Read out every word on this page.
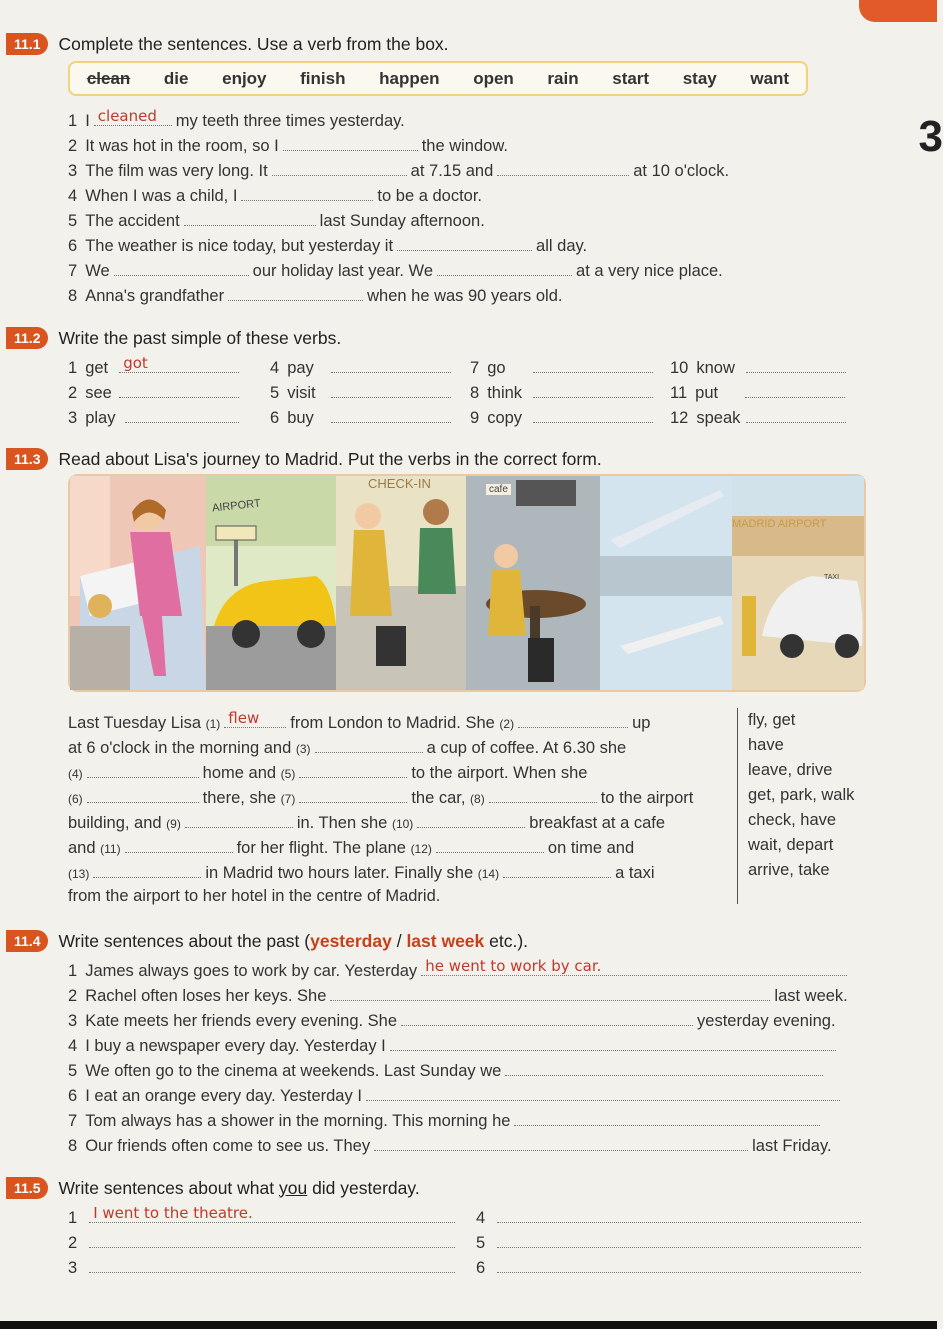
3
11.1	Complete the sentences. Use a verb from the box.
clean die enjoy finish happen open rain start stay want
1 I cleaned my teeth three times yesterday.
2 It was hot in the room, so I	the window.
3 The film was very long. It	at 7.15 and	at 10 o'clock.
4 When I was a child, I	to be a doctor.
5 The accident	last Sunday afternoon.
6 The weather is nice today, but yesterday it	all day.
7 We	our holiday last year. We	at a very nice place.
8 Anna's grandfather	when he was 90 years old.
11.2	Write the past simple of these verbs.
1 get	got
2 see
3 play
4 pay
5 visit
6 buy
7 go
8 think
9 copy
10 know
11 put
12 speak
11.3	Read about Lisa's journey to Madrid. Put the verbs in the correct form.
AIRPORT
CHECK-IN	cafe
MADRID AIRPORT
TAXI
Last Tuesday Lisa
(1) flew from London to Madrid. She
(2)	up
at 6 o'clock in the morning and
(3)	a cup of coffee. At 6.30 she
(4)	home and
(5)	to the airport. When she
(6)	there, she
(7)	the car,
(8)	to the airport
building, and
(9)	in. Then she
(10)	breakfast at a cafe
and
(11)	for her flight. The plane
(12)	on time and
(13)	in Madrid two hours later. Finally she
(14)	a taxi
from the airport to her hotel in the centre of Madrid.
fly, get
have
leave, drive
get, park, walk
check, have
wait, depart
arrive, take
11.4	Write sentences about the past (yesterday / last week etc.).
1 James always goes to work by car. Yesterday he went to work by car.
2 Rachel often loses her keys. She	last week.
3 Kate meets her friends every evening. She	yesterday evening.
4 I buy a newspaper every day. Yesterday I
5 We often go to the cinema at weekends. Last Sunday we
6 I eat an orange every day. Yesterday I
7 Tom always has a shower in the morning. This morning he
8 Our friends often come to see us. They	last Friday.
11.5	Write sentences about what you did yesterday.
1 I went to the theatre.
2
3
4
5
6
